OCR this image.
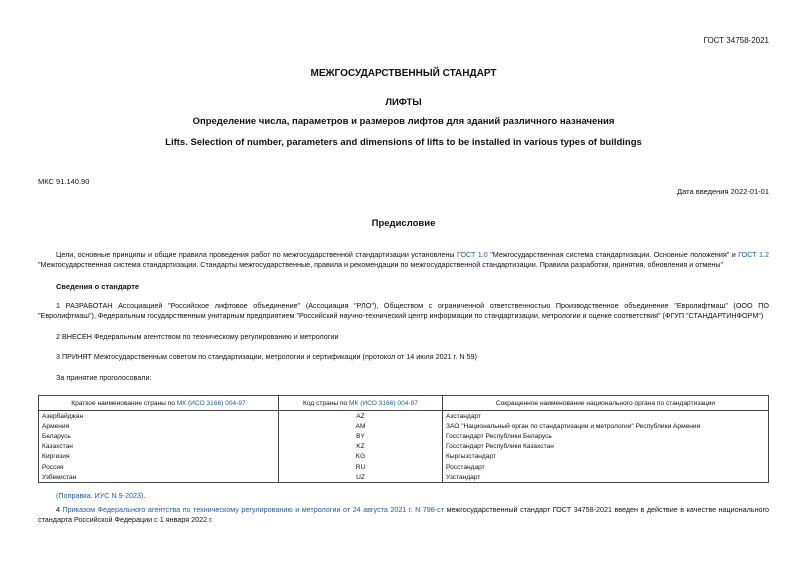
ГОСТ 34758-2021
МЕЖГОСУДАРСТВЕННЫЙ СТАНДАРТ
ЛИФТЫ
Определение числа, параметров и размеров лифтов для зданий различного назначения
Lifts. Selection of number, parameters and dimensions of lifts to be installed in various types of buildings
МКС 91.140.90
Дата введения 2022-01-01
Предисловие
Цели, основные принципы и общие правила проведения работ по межгосударственной стандартизации установлены ГОСТ 1.0 "Межгосударственная система стандартизации. Основные положения" и ГОСТ 1.2 "Межгосударственная система стандартизации. Стандарты межгосударственные, правила и рекомендации по межгосударственной стандартизации. Правила разработки, принятия, обновления и отмены"
Сведения о стандарте
1 РАЗРАБОТАН Ассоциацией "Российское лифтовое объединение" (Ассоциация "РЛО"), Обществом с ограниченной ответственностью Производственное объединение "Евролифтмаш" (ООО ПО "Евролифтмаш"), Федеральным государственным унитарным предприятием "Российский научно-технический центр информации по стандартизации, метрологии и оценке соответствия" (ФГУП "СТАНДАРТИНФОРМ")
2 ВНЕСЕН Федеральным агентством по техническому регулированию и метрологии
3 ПРИНЯТ Межгосударственным советом по стандартизации, метрологии и сертификации (протокол от 14 июля 2021 г. N 59)
За принятие проголосовали:
Краткое наименование страны по МК (ИСО 3166) 004-97	Код страны по МК (ИСО 3166) 004-97	Сокращенное наименование национального органа по стандартизации
Азербайджан	AZ	Азстандарт
Армения	AM	ЗАО "Национальный орган по стандартизации и метрологии" Республики Армения
Беларусь	BY	Госстандарт Республики Беларусь
Казахстан	KZ	Госстандарт Республики Казахстан
Киргизия	KG	Кыргызстандарт
Россия	RU	Росстандарт
Узбекистан	UZ	Узстандарт
(Поправка. ИУС N 9-2023).
4 Приказом Федерального агентства по техническому регулированию и метрологии от 24 августа 2021 г. N 798-ст межгосударственный стандарт ГОСТ 34758-2021 введен в действие в качестве национального стандарта Российской Федерации с 1 января 2022 г.
